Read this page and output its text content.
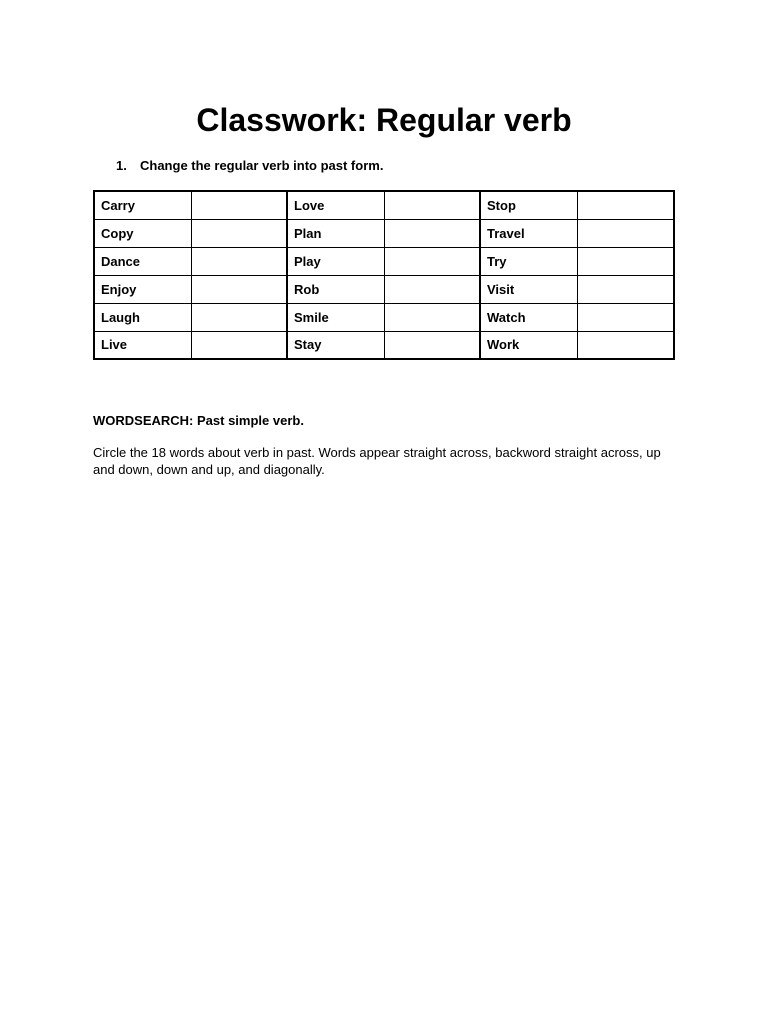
Classwork: Regular verb
1.	Change the regular verb into past form.
Carry		Love		Stop	
Copy		Plan		Travel	
Dance		Play		Try	
Enjoy		Rob		Visit	
Laugh		Smile		Watch	
Live		Stay		Work	

WORDSEARCH: Past simple verb.

Circle the 18 words about verb in past. Words appear straight across, backword straight across, up and down, down and up, and diagonally.
